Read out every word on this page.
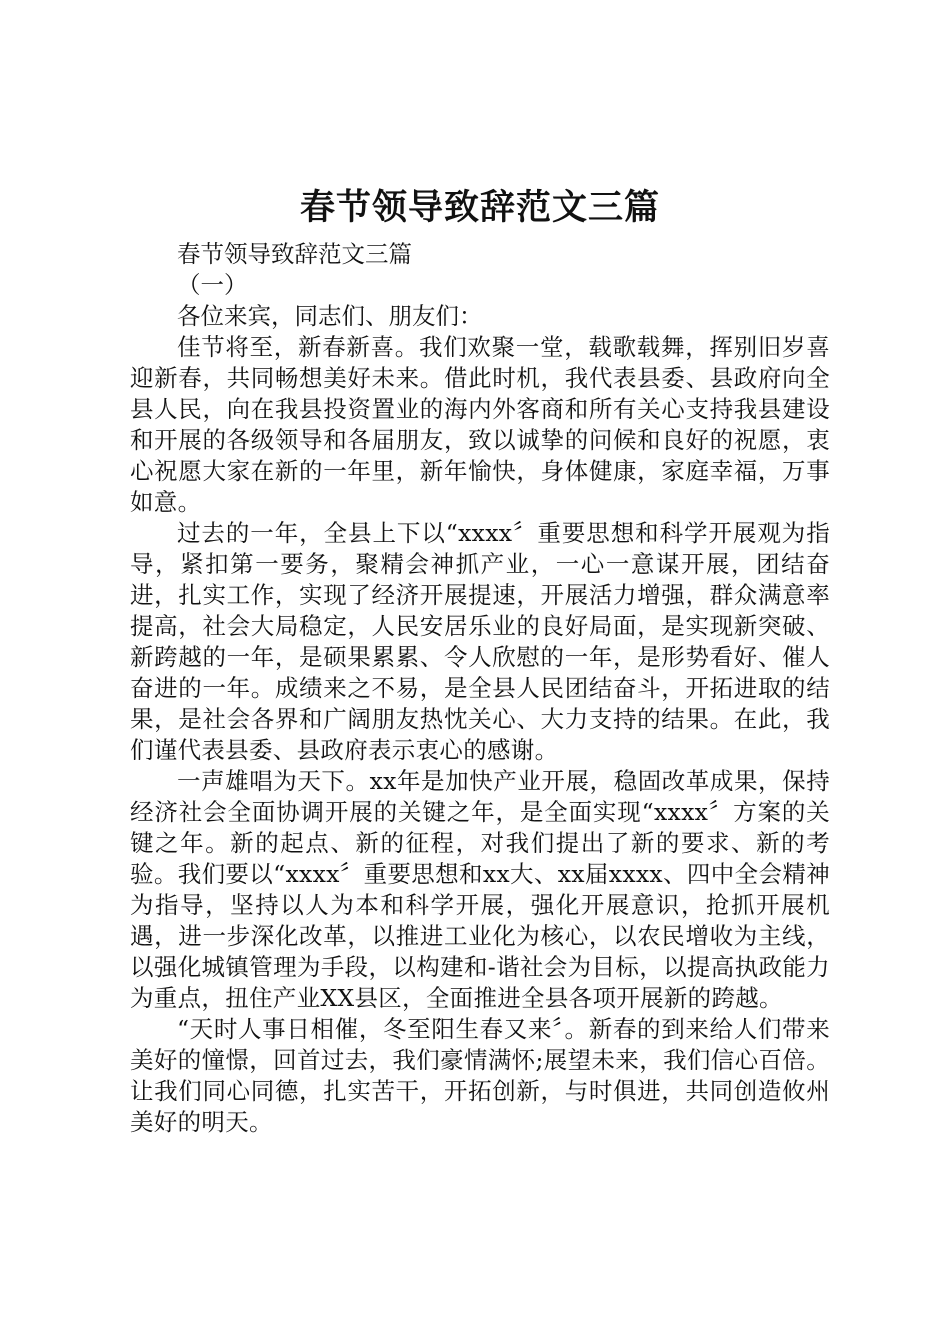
春节领导致辞范文三篇

春节领导致辞范文三篇

（一）

各位来宾，同志们、朋友们：

佳节将至，新春新喜。我们欢聚一堂，载歌载舞，挥别旧岁喜迎新春，共同畅想美好未来。借此时机，我代表县委、县政府向全县人民，向在我县投资置业的海内外客商和所有关心支持我县建设和开展的各级领导和各届朋友，致以诚挚的问候和良好的祝愿，衷心祝愿大家在新的一年里，新年愉快，身体健康，家庭幸福，万事如意。

过去的一年，全县上下以“xxxx〞重要思想和科学开展观为指导，紧扣第一要务，聚精会神抓产业，一心一意谋开展，团结奋进，扎实工作，实现了经济开展提速，开展活力增强，群众满意率提高，社会大局稳定，人民安居乐业的良好局面，是实现新突破、新跨越的一年，是硕果累累、令人欣慰的一年，是形势看好、催人奋进的一年。成绩来之不易，是全县人民团结奋斗，开拓进取的结果，是社会各界和广阔朋友热忱关心、大力支持的结果。在此，我们谨代表县委、县政府表示衷心的感谢。

一声雄唱为天下。xx年是加快产业开展，稳固改革成果，保持经济社会全面协调开展的关键之年，是全面实现“xxxx〞方案的关键之年。新的起点、新的征程，对我们提出了新的要求、新的考验。我们要以“xxxx〞重要思想和xx大、xx届xxxx、四中全会精神为指导，坚持以人为本和科学开展，强化开展意识，抢抓开展机遇，进一步深化改革，以推进工业化为核心，以农民增收为主线，以强化城镇管理为手段，以构建和-谐社会为目标，以提高执政能力为重点，扭住产业XX县区，全面推进全县各项开展新的跨越。

“天时人事日相催，冬至阳生春又来〞。新春的到来给人们带来美好的憧憬，回首过去，我们豪情满怀;展望未来，我们信心百倍。让我们同心同德，扎实苦干，开拓创新，与时俱进，共同创造攸州美好的明天。
